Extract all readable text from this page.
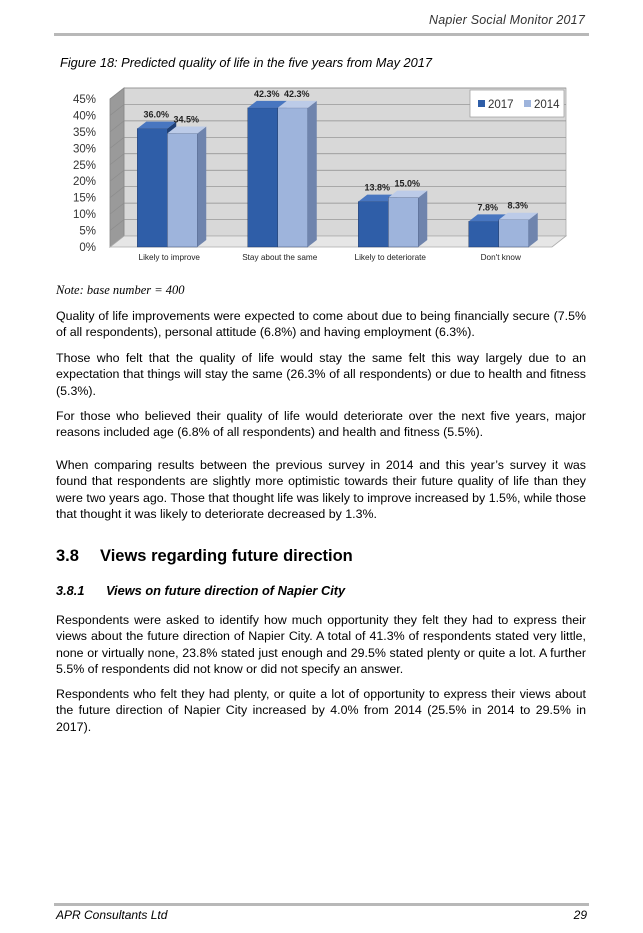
Napier Social Monitor 2017
Figure 18: Predicted quality of life in the five years from May 2017
0%
5%
10%
15%
20%
25%
30%
35%
40%
45%
36.0% 34.5%
Likely to improve
42.3% 42.3%
Stay about the same
13.8% 15.0%
Likely to deteriorate
7.8% 8.3%
Don't know
2017 2014
Note: base number = 400

Quality of life improvements were expected to come about due to being financially secure (7.5% of all respondents), personal attitude (6.8%) and having employment (6.3%).

Those who felt that the quality of life would stay the same felt this way largely due to an expectation that things will stay the same (26.3% of all respondents) or due to health and fitness (5.3%).

For those who believed their quality of life would deteriorate over the next five years, major reasons included age (6.8% of all respondents) and health and fitness (5.5%).

When comparing results between the previous survey in 2014 and this year’s survey it was found that respondents are slightly more optimistic towards their future quality of life than they were two years ago. Those that thought life was likely to improve increased by 1.5%, while those that thought it was likely to deteriorate decreased by 1.3%.

3.8 Views regarding future direction
3.8.1 Views on future direction of Napier City

Respondents were asked to identify how much opportunity they felt they had to express their views about the future direction of Napier City. A total of 41.3% of respondents stated very little, none or virtually none, 23.8% stated just enough and 29.5% stated plenty or quite a lot. A further 5.5% of respondents did not know or did not specify an answer.

Respondents who felt they had plenty, or quite a lot of opportunity to express their views about the future direction of Napier City increased by 4.0% from 2014 (25.5% in 2014 to 29.5% in 2017).

APR Consultants Ltd	29
